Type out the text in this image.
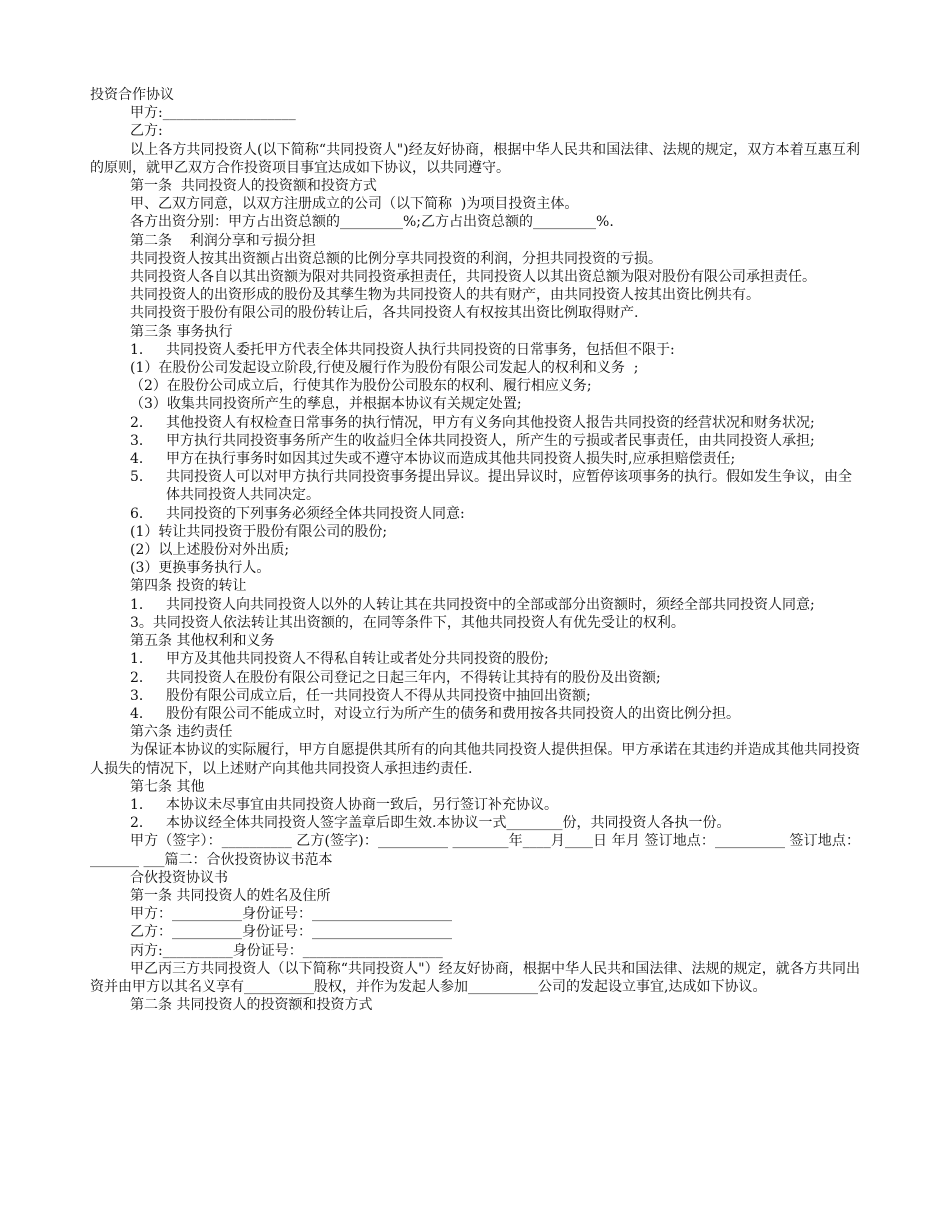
投资合作协议
甲方:___________________
乙方:
以上各方共同投资人(以下简称“共同投资人")经友好协商，根据中华人民共和国法律、法规的规定，双方本着互惠互利的原则，就甲乙双方合作投资项目事宜达成如下协议，以共同遵守。
第一条  共同投资人的投资额和投资方式
甲、乙双方同意，以双方注册成立的公司（以下简称  )为项目投资主体。
各方出资分别：甲方占出资总额的_________%;乙方占出资总额的_________%.
第二条    利润分享和亏损分担
共同投资人按其出资额占出资总额的比例分享共同投资的利润，分担共同投资的亏损。
共同投资人各自以其出资额为限对共同投资承担责任，共同投资人以其出资总额为限对股份有限公司承担责任。
共同投资人的出资形成的股份及其孳生物为共同投资人的共有财产，由共同投资人按其出资比例共有。
共同投资于股份有限公司的股份转让后，各共同投资人有权按其出资比例取得财产.
第三条 事务执行
1． 共同投资人委托甲方代表全体共同投资人执行共同投资的日常事务，包括但不限于:
(1）在股份公司发起设立阶段,行使及履行作为股份有限公司发起人的权利和义务  ;
（2）在股份公司成立后，行使其作为股份公司股东的权利、履行相应义务;
（3）收集共同投资所产生的孳息，并根据本协议有关规定处置;
2． 其他投资人有权检查日常事务的执行情况，甲方有义务向其他投资人报告共同投资的经营状况和财务状况;
3． 甲方执行共同投资事务所产生的收益归全体共同投资人，所产生的亏损或者民事责任，由共同投资人承担;
4． 甲方在执行事务时如因其过失或不遵守本协议而造成其他共同投资人损失时,应承担赔偿责任;
5． 共同投资人可以对甲方执行共同投资事务提出异议。提出异议时，应暂停该项事务的执行。假如发生争议，由全体共同投资人共同决定。
6． 共同投资的下列事务必须经全体共同投资人同意:
(1）转让共同投资于股份有限公司的股份;
(2）以上述股份对外出质;
(3）更换事务执行人。
第四条 投资的转让
1． 共同投资人向共同投资人以外的人转让其在共同投资中的全部或部分出资额时，须经全部共同投资人同意;
3。共同投资人依法转让其出资额的，在同等条件下，其他共同投资人有优先受让的权利。
第五条 其他权利和义务
1． 甲方及其他共同投资人不得私自转让或者处分共同投资的股份;
2． 共同投资人在股份有限公司登记之日起三年内，不得转让其持有的股份及出资额;
3． 股份有限公司成立后，任一共同投资人不得从共同投资中抽回出资额;
4． 股份有限公司不能成立时，对设立行为所产生的债务和费用按各共同投资人的出资比例分担。
第六条 违约责任
为保证本协议的实际履行，甲方自愿提供其所有的向其他共同投资人提供担保。甲方承诺在其违约并造成其他共同投资人损失的情况下，以上述财产向其他共同投资人承担违约责任.
第七条 其他
1． 本协议未尽事宜由共同投资人协商一致后，另行签订补充协议。
2． 本协议经全体共同投资人签字盖章后即生效.本协议一式________份，共同投资人各执一份。
甲方（签字）：__________ 乙方(签字)：__________ ________年____月____日 年月 签订地点：__________ 签订地点：_______ ___篇二：合伙投资协议书范本
合伙投资协议书
第一条 共同投资人的姓名及住所
甲方：__________身份证号：____________________
乙方：__________身份证号：____________________
丙方:__________身份证号：____________________
甲乙丙三方共同投资人（以下简称“共同投资人"）经友好协商，根据中华人民共和国法律、法规的规定，就各方共同出资并由甲方以其名义享有__________股权，并作为发起人参加__________公司的发起设立事宜,达成如下协议。
第二条 共同投资人的投资额和投资方式
